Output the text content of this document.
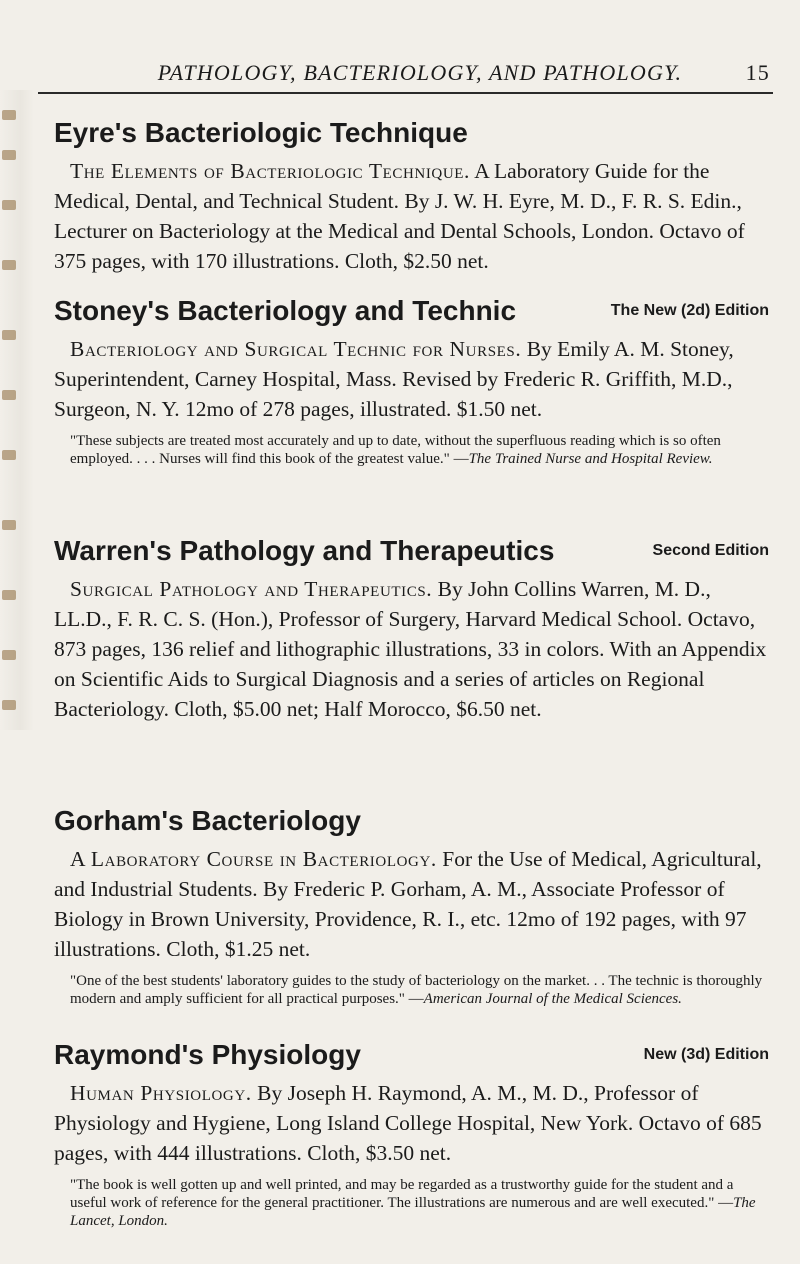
PATHOLOGY, BACTERIOLOGY, AND PATHOLOGY.	15
Eyre's Bacteriologic Technique

The Elements of Bacteriologic Technique. A Laboratory Guide for the Medical, Dental, and Technical Student. By J. W. H. Eyre, M. D., F. R. S. Edin., Lecturer on Bacteriology at the Medical and Dental Schools, London. Octavo of 375 pages, with 170 illustrations. Cloth, $2.50 net.

Stoney's Bacteriology and Technic	The New (2d) Edition

Bacteriology and Surgical Technic for Nurses. By Emily A. M. Stoney, Superintendent, Carney Hospital, Mass. Revised by Frederic R. Griffith, M.D., Surgeon, N. Y. 12mo of 278 pages, illustrated. $1.50 net.

"These subjects are treated most accurately and up to date, without the superfluous reading which is so often employed. . . . Nurses will find this book of the greatest value." —The Trained Nurse and Hospital Review.

Warren's Pathology and Therapeutics	Second Edition

Surgical Pathology and Therapeutics. By John Collins Warren, M. D., LL.D., F. R. C. S. (Hon.), Professor of Surgery, Harvard Medical School. Octavo, 873 pages, 136 relief and lithographic illustrations, 33 in colors. With an Appendix on Scientific Aids to Surgical Diagnosis and a series of articles on Regional Bacteriology. Cloth, $5.00 net; Half Morocco, $6.50 net.

Gorham's Bacteriology

A Laboratory Course in Bacteriology. For the Use of Medical, Agricultural, and Industrial Students. By Frederic P. Gorham, A. M., Associate Professor of Biology in Brown University, Providence, R. I., etc. 12mo of 192 pages, with 97 illustrations. Cloth, $1.25 net.

"One of the best students' laboratory guides to the study of bacteriology on the market. . . The technic is thoroughly modern and amply sufficient for all practical purposes." —American Journal of the Medical Sciences.

Raymond's Physiology	New (3d) Edition

Human Physiology. By Joseph H. Raymond, A. M., M. D., Professor of Physiology and Hygiene, Long Island College Hospital, New York. Octavo of 685 pages, with 444 illustrations. Cloth, $3.50 net.

"The book is well gotten up and well printed, and may be regarded as a trustworthy guide for the student and a useful work of reference for the general practitioner. The illustrations are numerous and are well executed." —The Lancet, London.
